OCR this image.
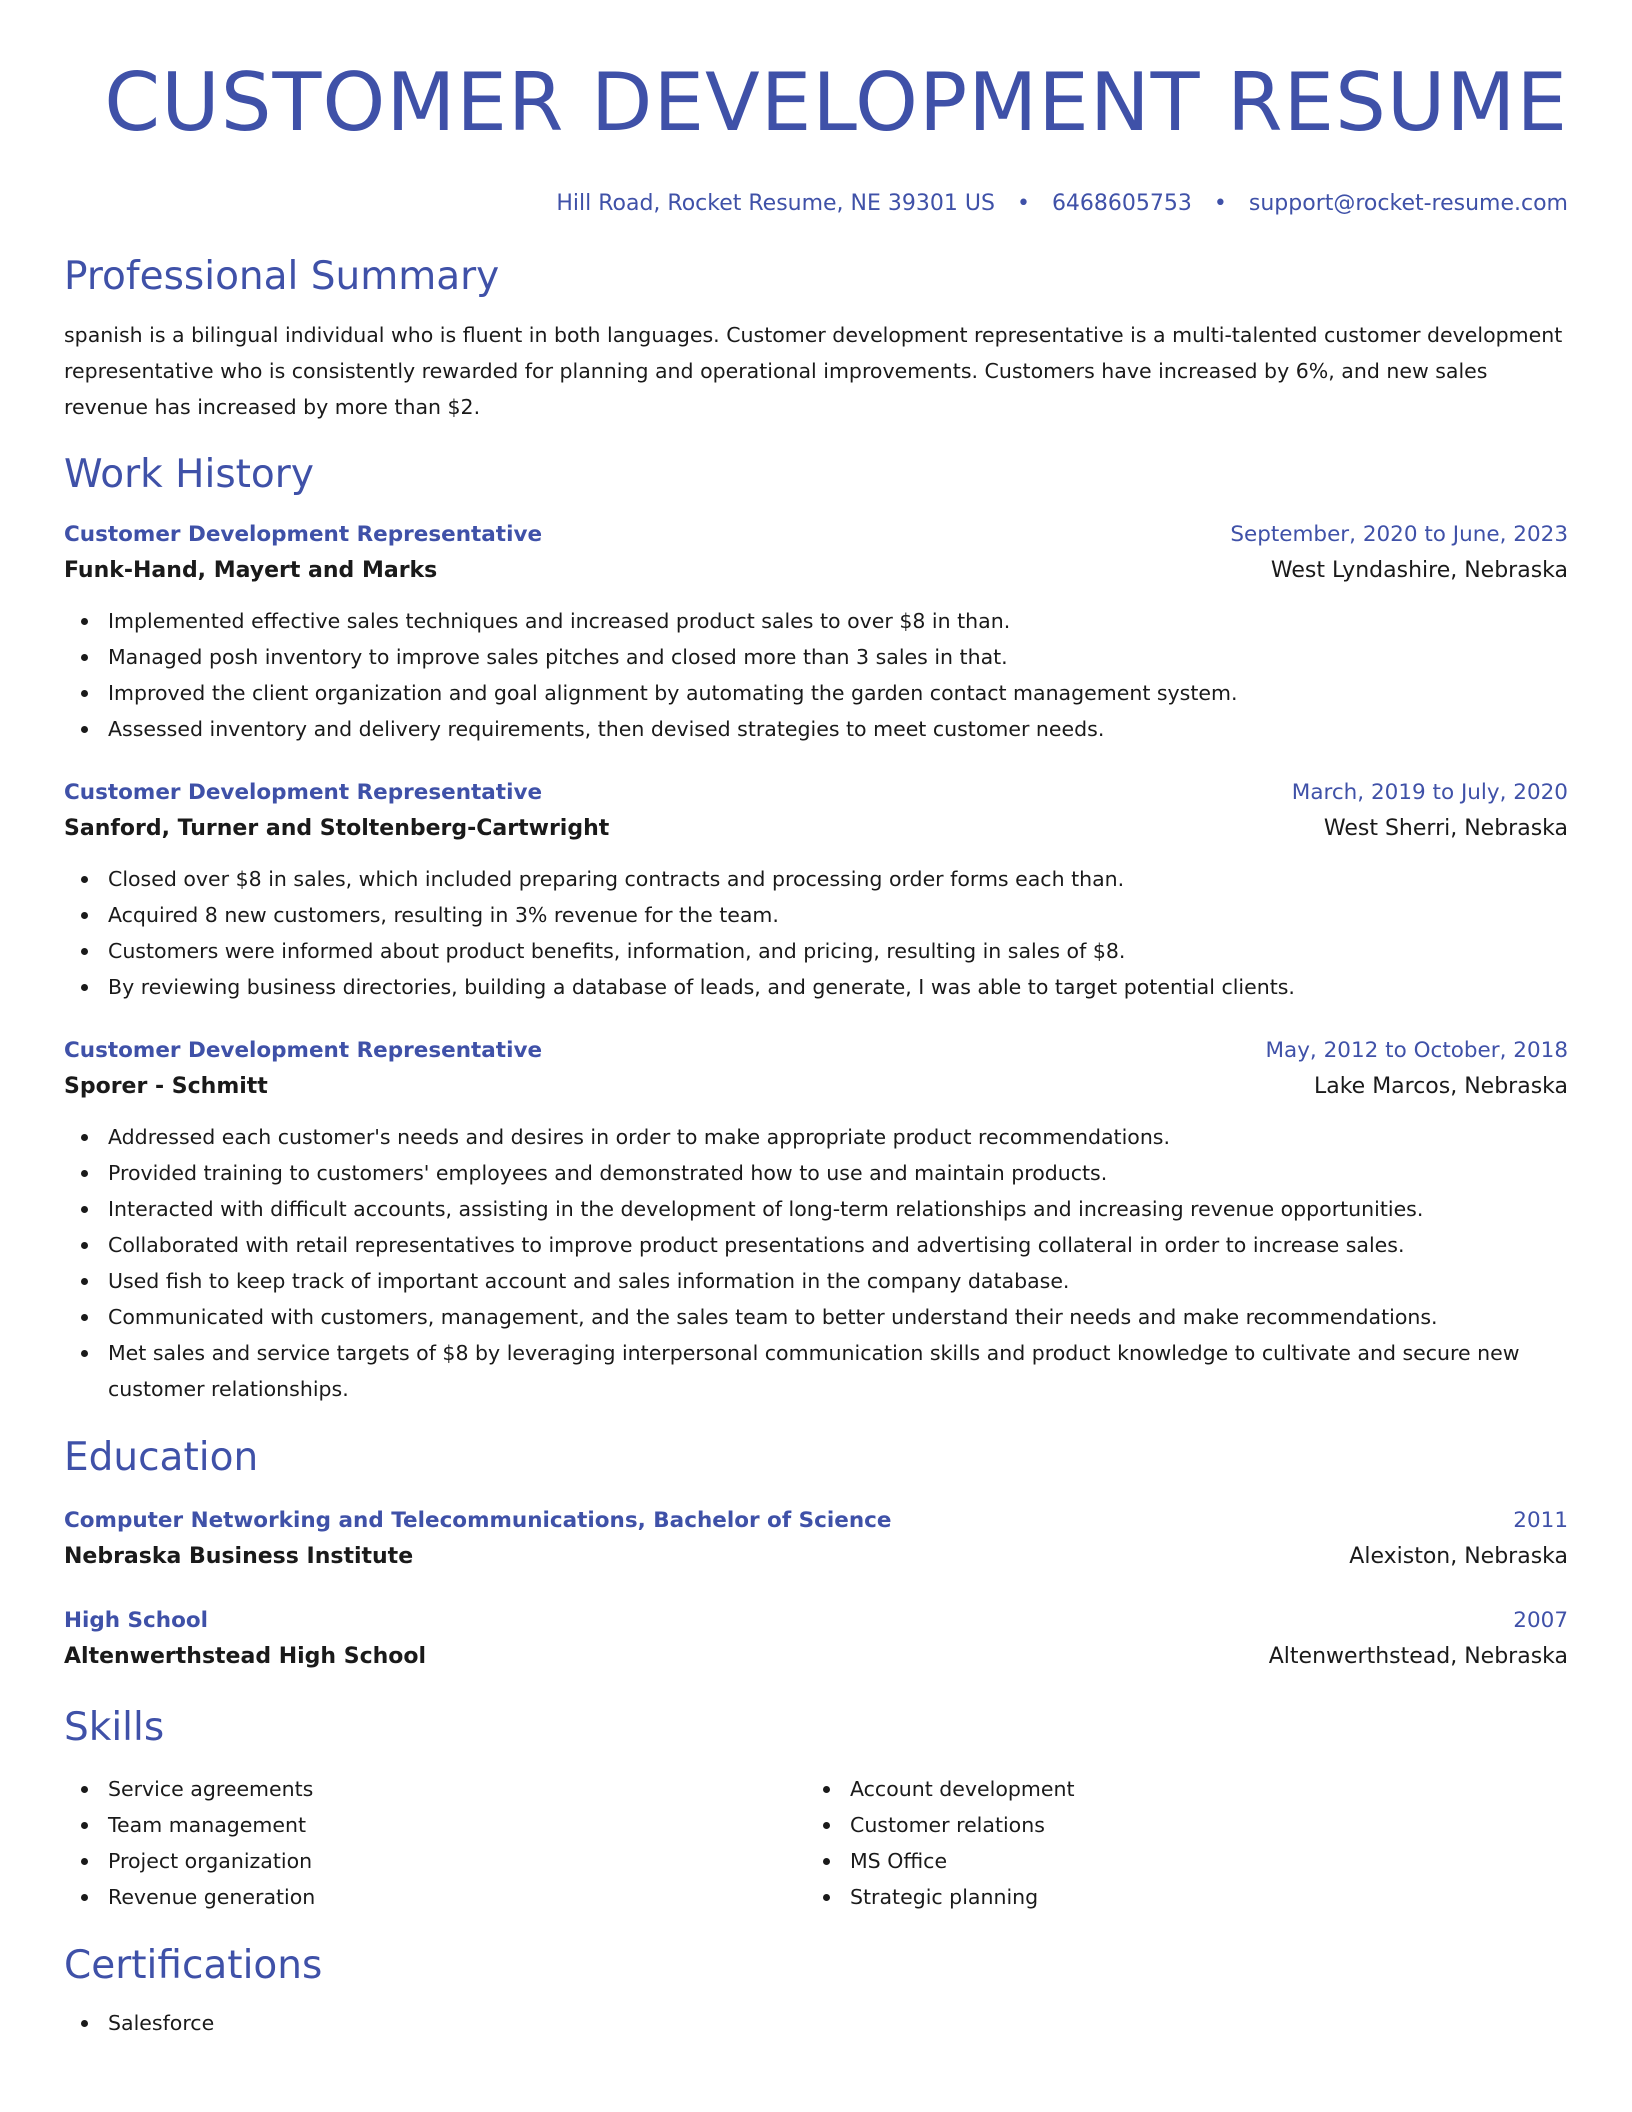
CUSTOMER DEVELOPMENT RESUME
Hill Road, Rocket Resume, NE 39301 US • 6468605753 • support@rocket-resume.com
Professional Summary

spanish is a bilingual individual who is fluent in both languages. Customer development representative is a multi-talented customer development representative who is consistently rewarded for planning and operational improvements. Customers have increased by 6%, and new sales revenue has increased by more than $2.

Work History
Customer Development Representative	September, 2020 to June, 2023
Funk-Hand, Mayert and Marks	West Lyndashire, Nebraska
Implemented effective sales techniques and increased product sales to over $8 in than.
Managed posh inventory to improve sales pitches and closed more than 3 sales in that.
Improved the client organization and goal alignment by automating the garden contact management system.
Assessed inventory and delivery requirements, then devised strategies to meet customer needs.
Customer Development Representative	March, 2019 to July, 2020
Sanford, Turner and Stoltenberg-Cartwright	West Sherri, Nebraska
Closed over $8 in sales, which included preparing contracts and processing order forms each than.
Acquired 8 new customers, resulting in 3% revenue for the team.
Customers were informed about product benefits, information, and pricing, resulting in sales of $8.
By reviewing business directories, building a database of leads, and generate, I was able to target potential clients.
Customer Development Representative	May, 2012 to October, 2018
Sporer - Schmitt	Lake Marcos, Nebraska
Addressed each customer's needs and desires in order to make appropriate product recommendations.
Provided training to customers' employees and demonstrated how to use and maintain products.
Interacted with difficult accounts, assisting in the development of long-term relationships and increasing revenue opportunities.
Collaborated with retail representatives to improve product presentations and advertising collateral in order to increase sales.
Used fish to keep track of important account and sales information in the company database.
Communicated with customers, management, and the sales team to better understand their needs and make recommendations.
Met sales and service targets of $8 by leveraging interpersonal communication skills and product knowledge to cultivate and secure new customer relationships.
Education
Computer Networking and Telecommunications, Bachelor of Science	2011
Nebraska Business Institute	Alexiston, Nebraska
High School	2007
Altenwerthstead High School	Altenwerthstead, Nebraska
Skills
Service agreements
Team management
Project organization
Revenue generation
Account development
Customer relations
MS Office
Strategic planning
Certifications
Salesforce
